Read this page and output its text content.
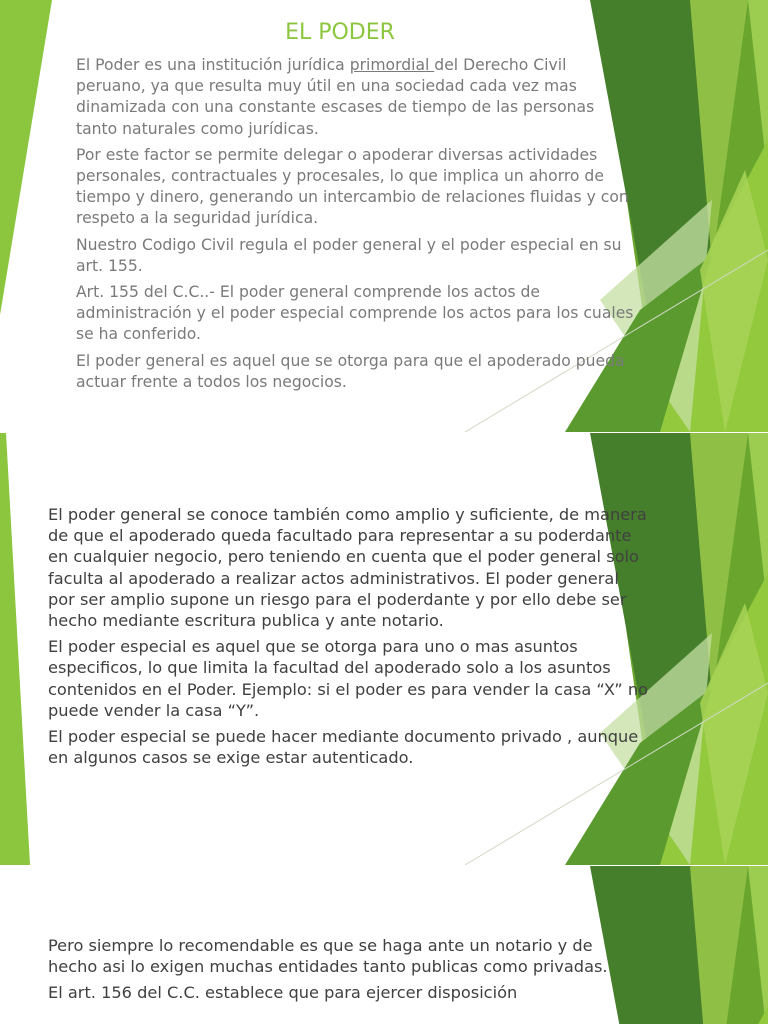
EL PODER

El Poder es una institución jurídica primordial del Derecho Civil peruano, ya que resulta muy útil en una sociedad cada vez mas dinamizada con una constante escases de tiempo de las personas tanto naturales como jurídicas.

Por este factor se permite delegar o apoderar diversas actividades personales, contractuales y procesales, lo que implica un ahorro de tiempo y dinero, generando un intercambio de relaciones fluidas y con respeto a la seguridad jurídica.

Nuestro Codigo Civil regula el poder general y el poder especial en su art. 155.

Art. 155 del C.C..- El poder general comprende los actos de administración y el poder especial comprende los actos para los cuales se ha conferido.

El poder general es aquel que se otorga para que el apoderado pueda actuar frente a todos los negocios.

El poder general se conoce también como amplio y suficiente, de manera de que el apoderado queda facultado para representar a su poderdante en cualquier negocio, pero teniendo en cuenta que el poder general solo faculta al apoderado a realizar actos administrativos. El poder general por ser amplio supone un riesgo para el poderdante y por ello debe ser hecho mediante escritura publica y ante notario.

El poder especial es aquel que se otorga para uno o mas asuntos especificos, lo que limita la facultad del apoderado solo a los asuntos contenidos en el Poder. Ejemplo: si el poder es para vender la casa “X” no puede vender la casa “Y”.

El poder especial se puede hacer mediante documento privado , aunque en algunos casos se exige estar autenticado.

Pero siempre lo recomendable es que se haga ante un notario y de hecho asi lo exigen muchas entidades tanto publicas como privadas.

El art. 156 del C.C. establece que para ejercer disposición
